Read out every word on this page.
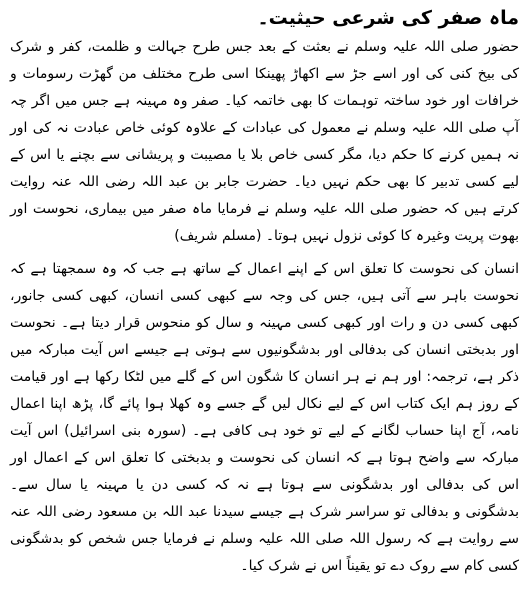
ماہ صفر کی شرعی حیثیت۔

حضور صلی اللہ علیہ وسلم نے بعثت کے بعد جس طرح جہالت و ظلمت، کفر و شرک کی بیخ کنی کی اور اسے جڑ سے اکھاڑ پھینکا اسی طرح مختلف من گھڑت رسومات و خرافات اور خود ساختہ توہمات کا بھی خاتمہ کیا۔ صفر وہ مہینہ ہے جس میں اگر چہ آپ صلی اللہ علیہ وسلم نے معمول کی عبادات کے علاوہ کوئی خاص عبادت نہ کی اور نہ ہمیں کرنے کا حکم دیا، مگر کسی خاص بلا یا مصیبت و پریشانی سے بچنے یا اس کے لیے کسی تدبیر کا بھی حکم نہیں دیا۔ حضرت جابر بن عبد اللہ رضی اللہ عنہ روایت کرتے ہیں کہ حضور صلی اللہ علیہ وسلم نے فرمایا ماہ صفر میں بیماری، نحوست اور بھوت پریت وغیرہ کا کوئی نزول نہیں ہوتا۔ (مسلم شریف)

انسان کی نحوست کا تعلق اس کے اپنے اعمال کے ساتھ ہے جب کہ وہ سمجھتا ہے کہ نحوست باہر سے آتی ہیں، جس کی وجہ سے کبھی کسی انسان، کبھی کسی جانور، کبھی کسی دن و رات اور کبھی کسی مہینہ و سال کو منحوس قرار دیتا ہے۔ نحوست اور بدبختی انسان کی بدفالی اور بدشگونیوں سے ہوتی ہے جیسے اس آیت مبارکہ میں ذکر ہے، ترجمہ: اور ہم نے ہر انسان کا شگون اس کے گلے میں لٹکا رکھا ہے اور قیامت کے روز ہم ایک کتاب اس کے لیے نکال لیں گے جسے وہ کھلا ہوا پائے گا، پڑھ اپنا اعمال نامہ، آج اپنا حساب لگانے کے لیے تو خود ہی کافی ہے۔ (سورہ بنی اسرائیل) اس آیت مبارکہ سے واضح ہوتا ہے کہ انسان کی نحوست و بدبختی کا تعلق اس کے اعمال اور اس کی بدفالی اور بدشگونی سے ہوتا ہے نہ کہ کسی دن یا مہینہ یا سال سے۔ بدشگونی و بدفالی تو سراسر شرک ہے جیسے سیدنا عبد اللہ بن مسعود رضی اللہ عنہ سے روایت ہے کہ رسول اللہ صلی اللہ علیہ وسلم نے فرمایا جس شخص کو بدشگونی کسی کام سے روک دے تو یقیناً اس نے شرک کیا۔
